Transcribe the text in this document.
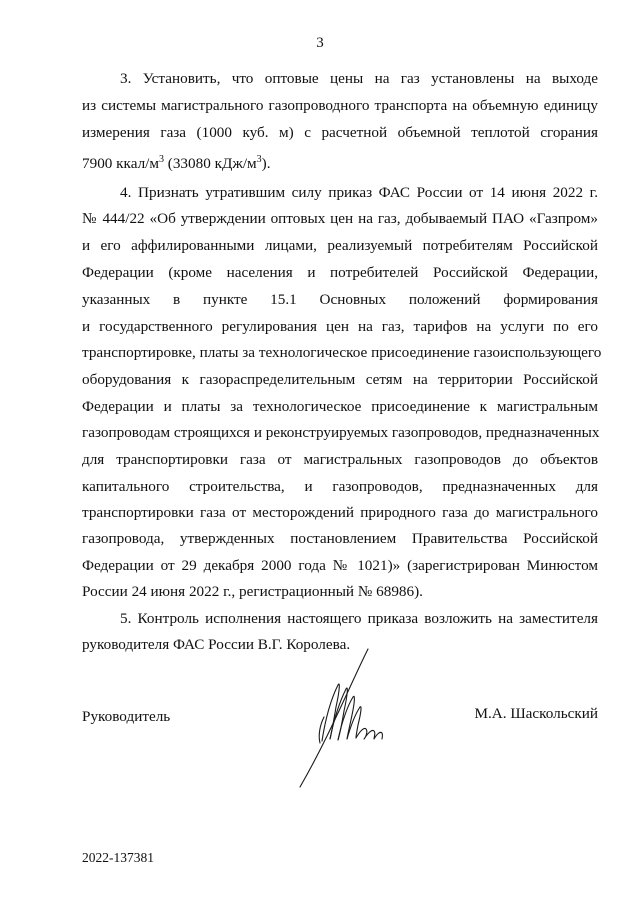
3
3. Установить, что оптовые цены на газ установлены на выходе
из системы магистрального газопроводного транспорта на объемную единицу
измерения газа (1000 куб. м) с расчетной объемной теплотой сгорания
7900 ккал/$м^3$ (33080 кДж/$м^3$).
4. Признать утратившим силу приказ ФАС России от 14 июня 2022 г.
№ 444/22 «Об утверждении оптовых цен на газ, добываемый ПАО «Газпром»
и его аффилированными лицами, реализуемый потребителям Российской
Федерации (кроме населения и потребителей Российской Федерации,
указанных в пункте 15.1 Основных положений формирования
и государственного регулирования цен на газ, тарифов на услуги по его
транспортировке, платы за технологическое присоединение газоиспользующего
оборудования к газораспределительным сетям на территории Российской
Федерации и платы за технологическое присоединение к магистральным
газопроводам строящихся и реконструируемых газопроводов, предназначенных
для транспортировки газа от магистральных газопроводов до объектов
капитального строительства, и газопроводов, предназначенных для
транспортировки газа от месторождений природного газа до магистрального
газопровода, утвержденных постановлением Правительства Российской
Федерации от 29 декабря 2000 года № 1021)» (зарегистрирован Минюстом
России 24 июня 2022 г., регистрационный № 68986).
5. Контроль исполнения настоящего приказа возложить на заместителя
руководителя ФАС России В.Г. Королева.
Руководитель	М.А. Шаскольский
2022-137381
